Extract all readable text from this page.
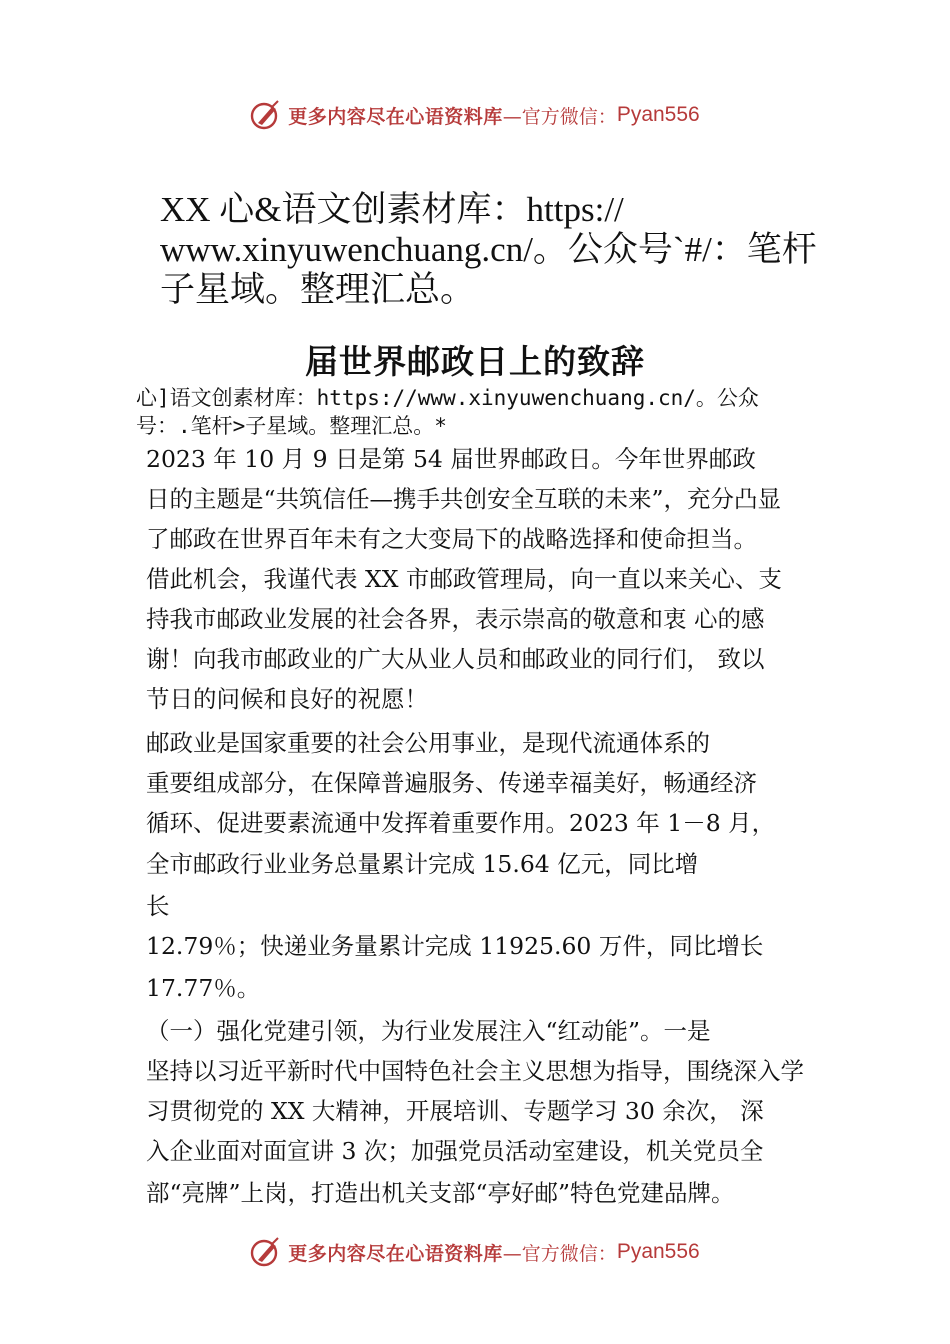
更多内容尽在心语资料库 —官方微信： Pyan556
XX 心&语文创素材库：https://
www.xinyuwenchuang.cn/。公众号`#/：笔杆
子星域。整理汇总。
届世界邮政日上的致辞
心]语文创素材库：https://www.xinyuwenchuang.cn/。公众
号：.笔杆>子星域。整理汇总。*
2023 年 10 月 9 日是第 54 届世界邮政日。今年世界邮政
日的主题是“共筑信任—携手共创安全互联的未来”，充分凸显
了邮政在世界百年未有之大变局下的战略选择和使命担当。
借此机会，我谨代表 XX 市邮政管理局，向一直以来关心、支
持我市邮政业发展的社会各界，表示崇高的敬意和衷 心的感
谢！向我市邮政业的广大从业人员和邮政业的同行们， 致以
节日的问候和良好的祝愿！
邮政业是国家重要的社会公用事业，是现代流通体系的
重要组成部分，在保障普遍服务、传递幸福美好，畅通经济
循环、促进要素流通中发挥着重要作用。2023 年 1－8 月，
全市邮政行业业务总量累计完成 15.64 亿元，同比增
长
12.79％；快递业务量累计完成 11925.60 万件，同比增长
17.77％。
（一）强化党建引领，为行业发展注入“红动能”。一是
坚持以习近平新时代中国特色社会主义思想为指导，围绕深入学
习贯彻党的 XX 大精神，开展培训、专题学习 30 余次， 深
入企业面对面宣讲 3 次；加强党员活动室建设，机关党员全
部“亮牌”上岗，打造出机关支部“亭好邮”特色党建品牌。
更多内容尽在心语资料库 —官方微信： Pyan556
